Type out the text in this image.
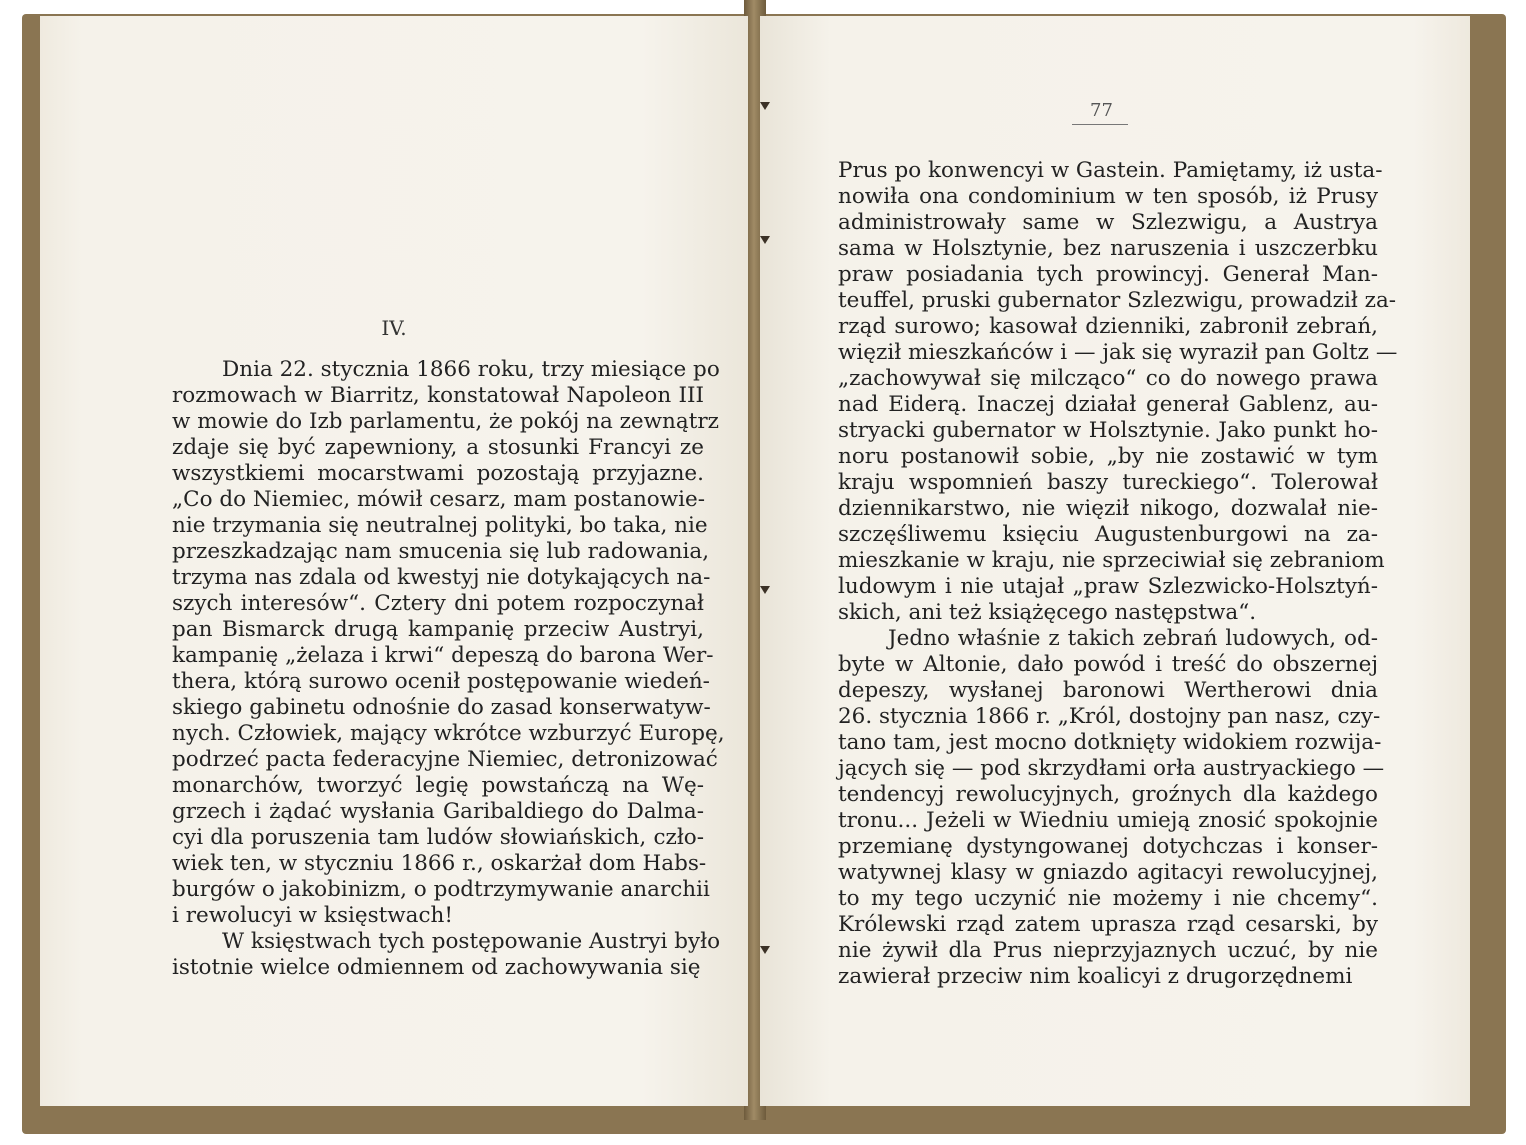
IV.
Dnia 22. stycznia 1866 roku, trzy miesiące po
rozmowach w Biarritz, konstatował Napoleon III
w mowie do Izb parlamentu, że pokój na zewnątrz
zdaje się być zapewniony, a stosunki Francyi ze
wszystkiemi mocarstwami pozostają przyjazne.
„Co do Niemiec, mówił cesarz, mam postanowie-
nie trzymania się neutralnej polityki, bo taka, nie
przeszkadzając nam smucenia się lub radowania,
trzyma nas zdala od kwestyj nie dotykających na-
szych interesów“. Cztery dni potem rozpoczynał
pan Bismarck drugą kampanię przeciw Austryi,
kampanię „żelaza i krwi“ depeszą do barona Wer-
thera, którą surowo ocenił postępowanie wiedeń-
skiego gabinetu odnośnie do zasad konserwatyw-
nych. Człowiek, mający wkrótce wzburzyć Europę,
podrzeć pacta federacyjne Niemiec, detronizować
monarchów, tworzyć legię powstańczą na Wę-
grzech i żądać wysłania Garibaldiego do Dalma-
cyi dla poruszenia tam ludów słowiańskich, czło-
wiek ten, w styczniu 1866 r., oskarżał dom Habs-
burgów o jakobinizm, o podtrzymywanie anarchii
i rewolucyi w księstwach!
W księstwach tych postępowanie Austryi było
istotnie wielce odmiennem od zachowywania się
77
Prus po konwencyi w Gastein. Pamiętamy, iż usta-
nowiła ona condominium w ten sposób, iż Prusy
administrowały same w Szlezwigu, a Austrya
sama w Holsztynie, bez naruszenia i uszczerbku
praw posiadania tych prowincyj. Generał Man-
teuffel, pruski gubernator Szlezwigu, prowadził za-
rząd surowo; kasował dzienniki, zabronił zebrań,
więził mieszkańców i — jak się wyraził pan Goltz —
„zachowywał się milcząco“ co do nowego prawa
nad Eiderą. Inaczej działał generał Gablenz, au-
stryacki gubernator w Holsztynie. Jako punkt ho-
noru postanowił sobie, „by nie zostawić w tym
kraju wspomnień baszy tureckiego“. Tolerował
dziennikarstwo, nie więził nikogo, dozwalał nie-
szczęśliwemu księciu Augustenburgowi na za-
mieszkanie w kraju, nie sprzeciwiał się zebraniom
ludowym i nie utajał „praw Szlezwicko-Holsztyń-
skich, ani też książęcego następstwa“.
Jedno właśnie z takich zebrań ludowych, od-
byte w Altonie, dało powód i treść do obszernej
depeszy, wysłanej baronowi Wertherowi dnia
26. stycznia 1866 r. „Król, dostojny pan nasz, czy-
tano tam, jest mocno dotknięty widokiem rozwija-
jących się — pod skrzydłami orła austryackiego —
tendencyj rewolucyjnych, groźnych dla każdego
tronu... Jeżeli w Wiedniu umieją znosić spokojnie
przemianę dystyngowanej dotychczas i konser-
watywnej klasy w gniazdo agitacyi rewolucyjnej,
to my tego uczynić nie możemy i nie chcemy“.
Królewski rząd zatem uprasza rząd cesarski, by
nie żywił dla Prus nieprzyjaznych uczuć, by nie
zawierał przeciw nim koalicyi z drugorzędnemi
